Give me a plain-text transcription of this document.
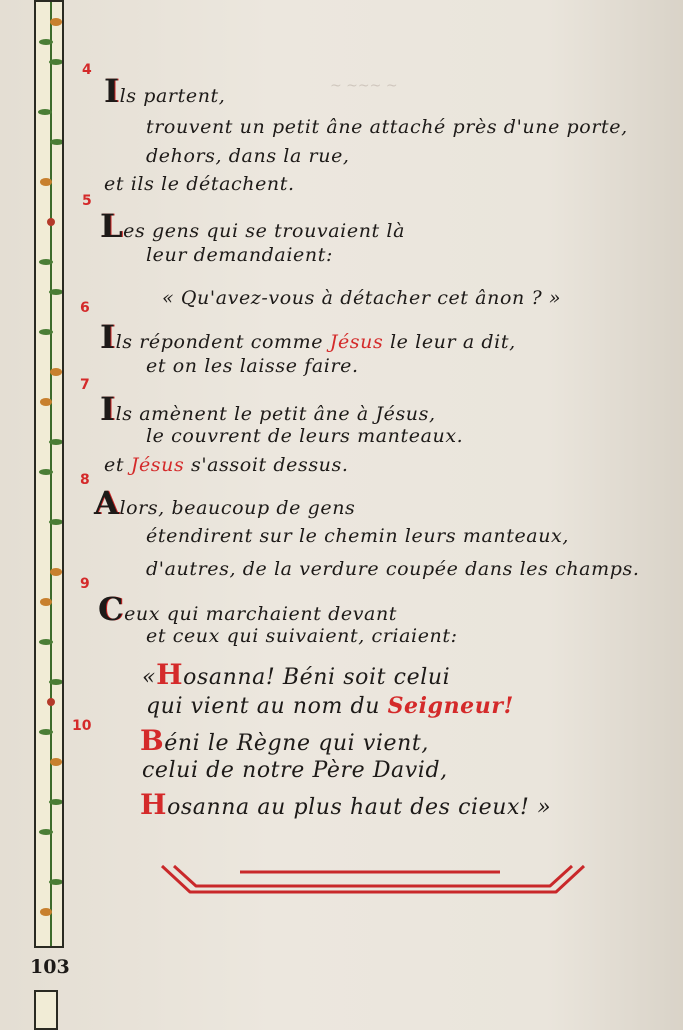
103
~ ~~~ ~
4
5
6
7
8
9
10
Ils partent,
trouvent un petit âne attaché près d'une porte,
dehors, dans la rue,
et ils le détachent.
Les gens qui se trouvaient là
leur demandaient:
« Qu'avez-vous à détacher cet ânon ? »
Ils répondent comme Jésus le leur a dit,
et on les laisse faire.
Ils amènent le petit âne à Jésus,
le couvrent de leurs manteaux.
et Jésus s'assoit dessus.
Alors, beaucoup de gens
étendirent sur le chemin leurs manteaux,
d'autres, de la verdure coupée dans les champs.
Ceux qui marchaient devant
et ceux qui suivaient, criaient:
«Hosanna! Béni soit celui
qui vient au nom du Seigneur!
Béni le Règne qui vient,
celui de notre Père David,
Hosanna au plus haut des cieux! »
